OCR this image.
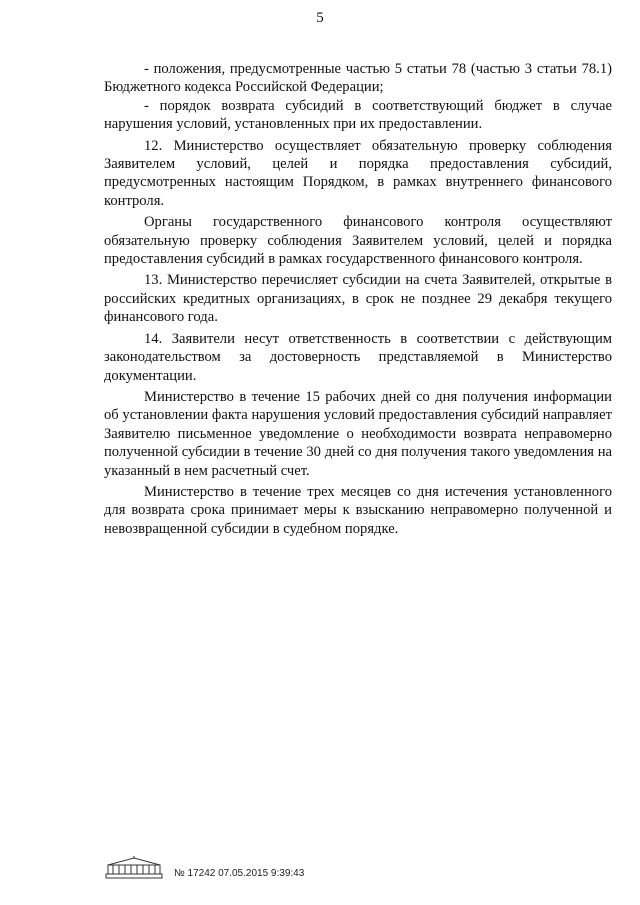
5

- положения, предусмотренные частью 5 статьи 78 (частью 3 статьи 78.1) Бюджетного кодекса Российской Федерации;

- порядок возврата субсидий в соответствующий бюджет в случае нарушения условий, установленных при их предоставлении.

12. Министерство осуществляет обязательную проверку соблюдения Заявителем условий, целей и порядка предоставления субсидий, предусмотренных настоящим Порядком, в рамках внутреннего финансового контроля.

Органы государственного финансового контроля осуществляют обязательную проверку соблюдения Заявителем условий, целей и порядка предоставления субсидий в рамках государственного финансового контроля.

13. Министерство перечисляет субсидии на счета Заявителей, открытые в российских кредитных организациях, в срок не позднее 29 декабря текущего финансового года.

14. Заявители несут ответственность в соответствии с действующим законодательством за достоверность представляемой в Министерство документации.

Министерство в течение 15 рабочих дней со дня получения информации об установлении факта нарушения условий предоставления субсидий направляет Заявителю письменное уведомление о необходимости возврата неправомерно полученной субсидии в течение 30 дней со дня получения такого уведомления на указанный в нем расчетный счет.

Министерство в течение трех месяцев со дня истечения установленного для возврата срока принимает меры к взысканию неправомерно полученной и невозвращенной субсидии в судебном порядке.

№ 17242 07.05.2015 9:39:43
